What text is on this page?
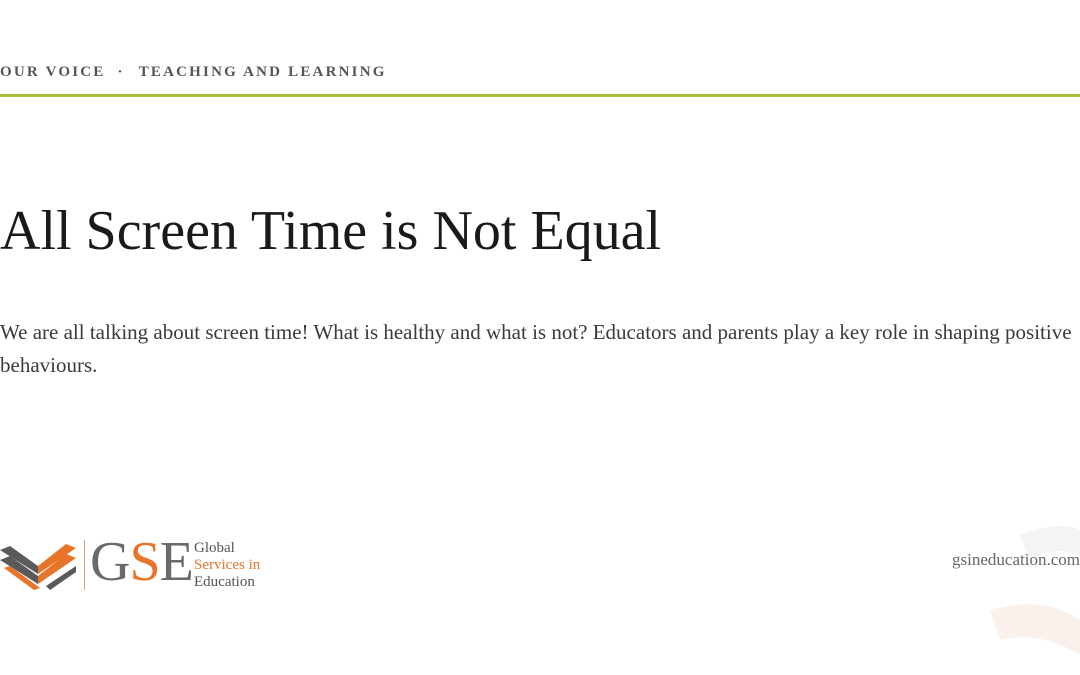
OUR VOICE · TEACHING AND LEARNING
All Screen Time is Not Equal

We are all talking about screen time! What is healthy and what is not? Educators and parents play a key role in shaping positive behaviours.

GSE Global
Services in
Education
gsineducation.com
